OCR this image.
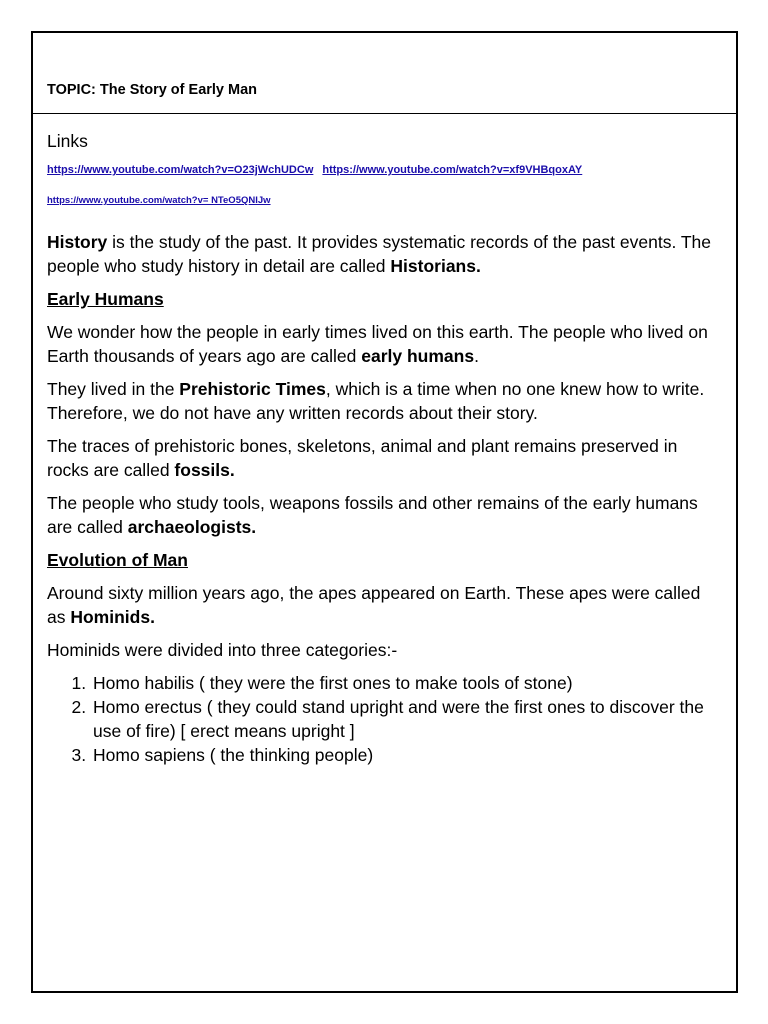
TOPIC: The Story of Early Man

Links

https://www.youtube.com/watch?v=O23jWchUDCw https://www.youtube.com/watch?v=xf9VHBqoxAY
https://www.youtube.com/watch?v= NTeO5QNIJw

History is the study of the past. It provides systematic records of the past events. The people who study history in detail are called Historians.

Early Humans

We wonder how the people in early times lived on this earth. The people who lived on Earth thousands of years ago are called early humans.

They lived in the Prehistoric Times, which is a time when no one knew how to write. Therefore, we do not have any written records about their story.

The traces of prehistoric bones, skeletons, animal and plant remains preserved in rocks are called fossils.

The people who study tools, weapons fossils and other remains of the early humans are called archaeologists.

Evolution of Man

Around sixty million years ago, the apes appeared on Earth. These apes were called as Hominids.

Hominids were divided into three categories:-

1. Homo habilis ( they were the first ones to make tools of stone)
2. Homo erectus ( they could stand upright and were the first ones to discover the use of fire) [ erect means upright ]
3. Homo sapiens ( the thinking people)
